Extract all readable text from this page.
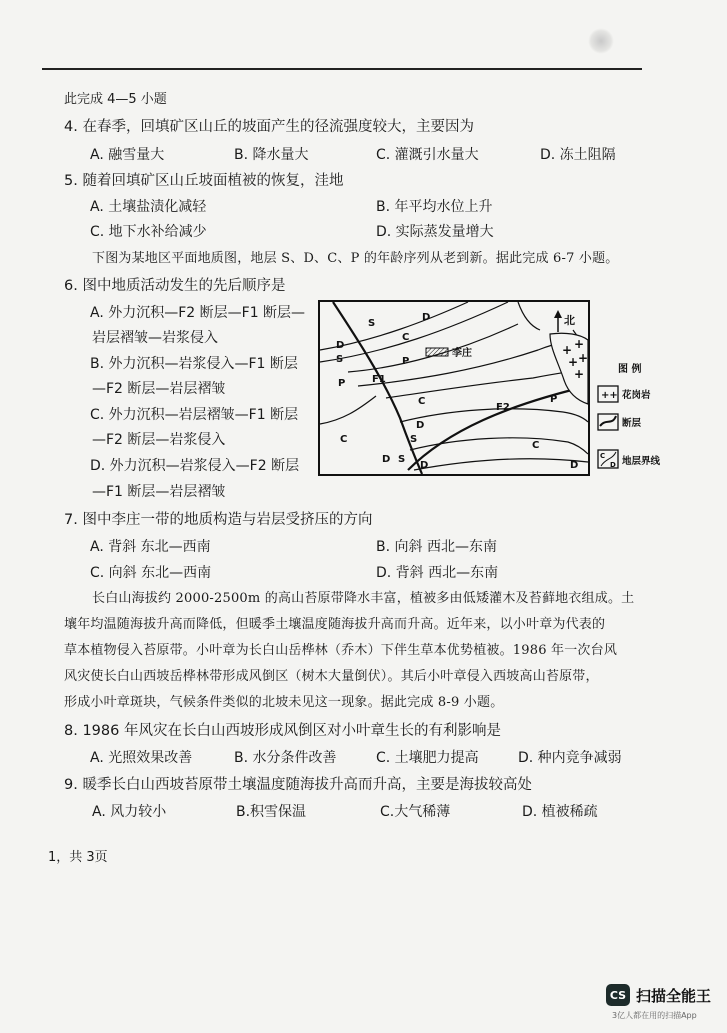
此完成 4—5 小题
4. 在春季，回填矿区山丘的坡面产生的径流强度较大，主要因为
A. 融雪量大	B. 降水量大	C. 灌溉引水量大	D. 冻土阻隔
5. 随着回填矿区山丘坡面植被的恢复，洼地
A. 土壤盐渍化减轻	B. 年平均水位上升
C. 地下水补给减少	D. 实际蒸发量增大
下图为某地区平面地质图，地层 S、D、C、P 的年龄序列从老到新。据此完成 6-7 小题。
6. 图中地质活动发生的先后顺序是
A. 外力沉积—F2 断层—F1 断层—
岩层褶皱—岩浆侵入
B. 外力沉积—岩浆侵入—F1 断层
—F2 断层—岩层褶皱
C. 外力沉积—岩层褶皱—F1 断层
—F2 断层—岩浆侵入
D. 外力沉积—岩浆侵入—F2 断层
—F1 断层—岩层褶皱
+ +
+ +
+
李庄
S
D
C
D
S
P
P
C
C
D
S
D S
D
P
C
D
F1
F2
北
图 例
++ 花岗岩
断层
C
D 地层界线
7. 图中李庄一带的地质构造与岩层受挤压的方向
A. 背斜 东北—西南	B. 向斜 西北—东南
C. 向斜 东北—西南	D. 背斜 西北—东南
长白山海拔约 2000-2500m 的高山苔原带降水丰富，植被多由低矮灌木及苔藓地衣组成。土
壤年均温随海拔升高而降低，但暖季土壤温度随海拔升高而升高。近年来，以小叶章为代表的
草本植物侵入苔原带。小叶章为长白山岳桦林（乔木）下伴生草本优势植被。1986 年一次台风
风灾使长白山西坡岳桦林带形成风倒区（树木大量倒伏）。其后小叶章侵入西坡高山苔原带，
形成小叶章斑块，气候条件类似的北坡未见这一现象。据此完成 8-9 小题。
8. 1986 年风灾在长白山西坡形成风倒区对小叶章生长的有利影响是
A. 光照效果改善	B. 水分条件改善	C. 土壤肥力提高	D. 种内竞争减弱
9. 暖季长白山西坡苔原带土壤温度随海拔升高而升高，主要是海拔较高处
A. 风力较小	B.积雪保温	C.大气稀薄	D. 植被稀疏
1，共 3页
CS 扫描全能王
3亿人都在用的扫描App
